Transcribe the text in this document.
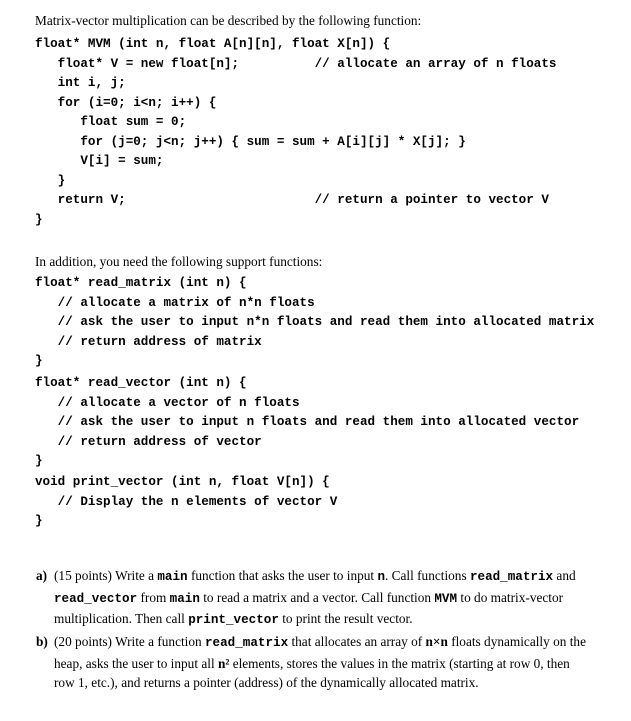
Matrix-vector multiplication can be described by the following function:
float* MVM (int n, float A[n][n], float X[n]) {
float* V = new float[n];          // allocate an array of n floats
int i, j;
for (i=0; i<n; i++) {
float sum = 0;
for (j=0; j<n; j++) { sum = sum + A[i][j] * X[j]; }
V[i] = sum;
}
return V;                         // return a pointer to vector V
}
In addition, you need the following support functions:
float* read_matrix (int n) {
// allocate a matrix of n*n floats
// ask the user to input n*n floats and read them into allocated matrix
// return address of matrix
}
float* read_vector (int n) {
// allocate a vector of n floats
// ask the user to input n floats and read them into allocated vector
// return address of vector
}
void print_vector (int n, float V[n]) {
// Display the n elements of vector V
}
a) (15 points) Write a main function that asks the user to input n. Call functions read_matrix and read_vector from main to read a matrix and a vector. Call function MVM to do matrix-vector multiplication. Then call print_vector to print the result vector.
b) (20 points) Write a function read_matrix that allocates an array of n×n floats dynamically on the heap, asks the user to input all n² elements, stores the values in the matrix (starting at row 0, then row 1, etc.), and returns a pointer (address) of the dynamically allocated matrix.
